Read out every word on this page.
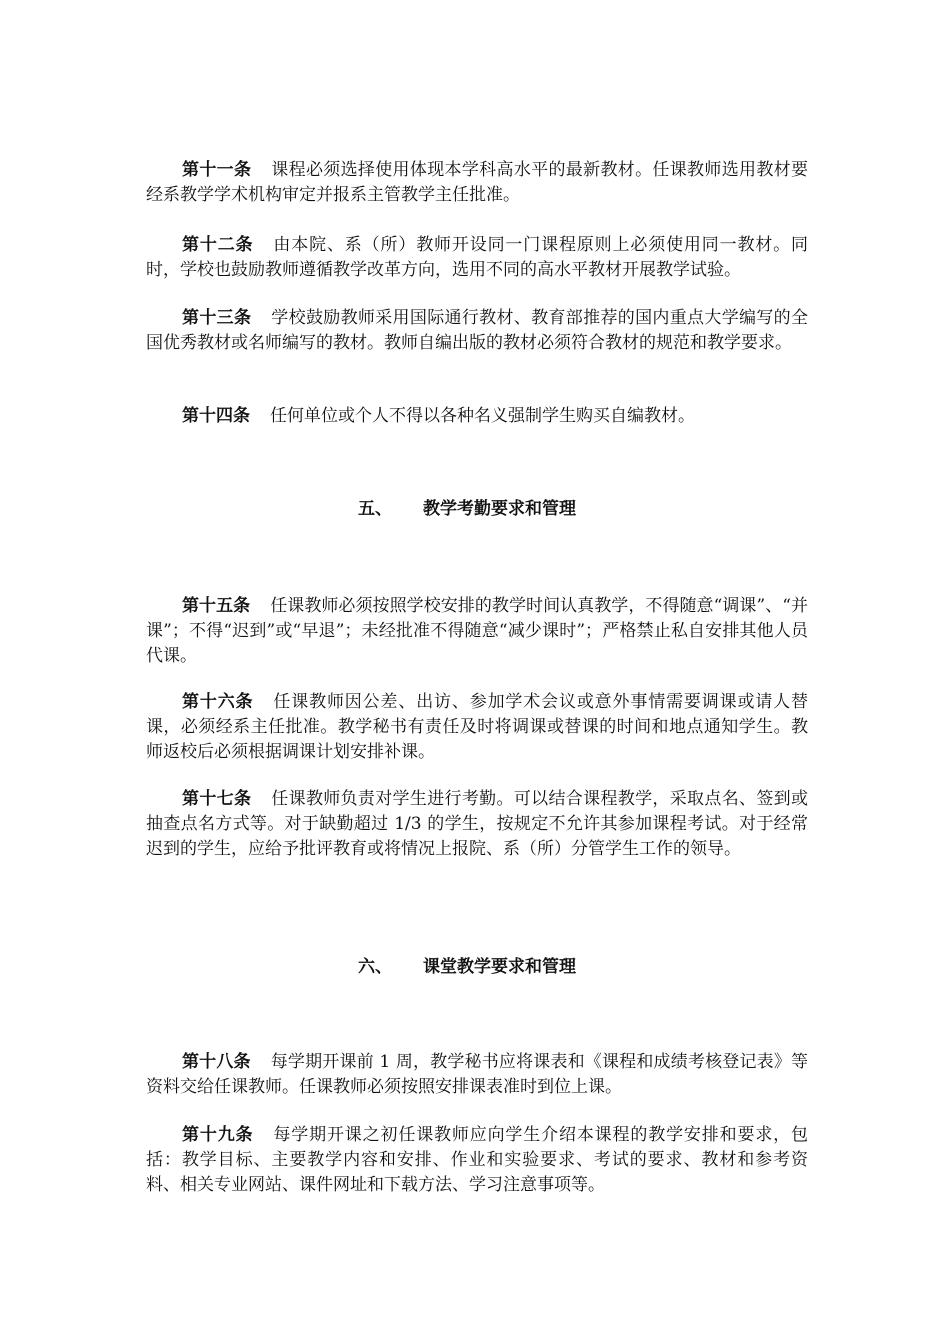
第十一条 课程必须选择使用体现本学科高水平的最新教材。任课教师选用教材要经系教学学术机构审定并报系主管教学主任批准。

第十二条 由本院、系（所）教师开设同一门课程原则上必须使用同一教材。同时，学校也鼓励教师遵循教学改革方向，选用不同的高水平教材开展教学试验。

第十三条 学校鼓励教师采用国际通行教材、教育部推荐的国内重点大学编写的全国优秀教材或名师编写的教材。教师自编出版的教材必须符合教材的规范和教学要求。

第十四条 任何单位或个人不得以各种名义强制学生购买自编教材。

五、 教学考勤要求和管理

第十五条 任课教师必须按照学校安排的教学时间认真教学，不得随意“调课”、“并课”；不得“迟到”或“早退”；未经批准不得随意“减少课时”；严格禁止私自安排其他人员代课。

第十六条 任课教师因公差、出访、参加学术会议或意外事情需要调课或请人替课，必须经系主任批准。教学秘书有责任及时将调课或替课的时间和地点通知学生。教师返校后必须根据调课计划安排补课。

第十七条 任课教师负责对学生进行考勤。可以结合课程教学，采取点名、签到或抽查点名方式等。对于缺勤超过 1/3 的学生，按规定不允许其参加课程考试。对于经常迟到的学生，应给予批评教育或将情况上报院、系（所）分管学生工作的领导。

六、 课堂教学要求和管理

第十八条 每学期开课前 1 周，教学秘书应将课表和《课程和成绩考核登记表》等资料交给任课教师。任课教师必须按照安排课表准时到位上课。

第十九条 每学期开课之初任课教师应向学生介绍本课程的教学安排和要求，包括：教学目标、主要教学内容和安排、作业和实验要求、考试的要求、教材和参考资料、相关专业网站、课件网址和下载方法、学习注意事项等。
